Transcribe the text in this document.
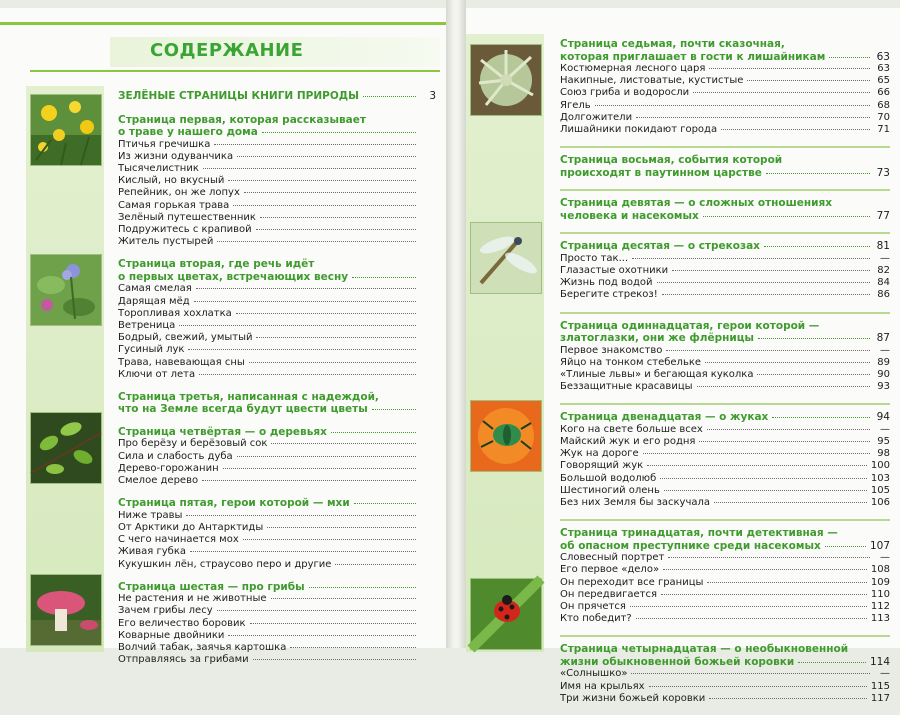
СОДЕРЖАНИЕ
ЗЕЛЁНЫЕ СТРАНИЦЫ КНИГИ ПРИРОДЫ	3
Страница первая, которая рассказывает
о траве у нашего дома
Птичья гречишка
Из жизни одуванчика
Тысячелистник
Кислый, но вкусный
Репейник, он же лопух
Самая горькая трава
Зелёный путешественник
Подружитесь с крапивой
Житель пустырей
Страница вторая, где речь идёт
о первых цветах, встречающих весну
Самая смелая
Дарящая мёд
Торопливая хохлатка
Ветреница
Бодрый, свежий, умытый
Гусиный лук
Трава, навевающая сны
Ключи от лета
Страница третья, написанная с надеждой,
что на Земле всегда будут цвести цветы
Страница четвёртая — о деревьях
Про берёзу и берёзовый сок
Сила и слабость дуба
Дерево-горожанин
Смелое дерево
Страница пятая, герои которой — мхи
Ниже травы
От Арктики до Антарктиды
С чего начинается мох
Живая губка
Кукушкин лён, страусово перо и другие
Страница шестая — про грибы
Не растения и не животные
Зачем грибы лесу
Его величество боровик
Коварные двойники
Волчий табак, заячья картошка
Отправляясь за грибами
Страница седьмая, почти сказочная,
которая приглашает в гости к лишайникам	63
Костюмерная лесного царя	63
Накипные, листоватые, кустистые	65
Союз гриба и водоросли	66
Ягель	68
Долгожители	70
Лишайники покидают города	71
Страница восьмая, события которой
происходят в паутинном царстве	73
Страница девятая — о сложных отношениях
человека и насекомых	77
Страница десятая — о стрекозах	81
Просто так...	—
Глазастые охотники	82
Жизнь под водой	84
Берегите стрекоз!	86
Страница одиннадцатая, герои которой —
златоглазки, они же флёрницы	87
Первое знакомство	—
Яйцо на тонком стебельке	89
«Тлиные львы» и бегающая куколка	90
Беззащитные красавицы	93
Страница двенадцатая — о жуках	94
Кого на свете больше всех	—
Майский жук и его родня	95
Жук на дороге	98
Говорящий жук	100
Большой водолюб	103
Шестиногий олень	105
Без них Земля бы заскучала	106
Страница тринадцатая, почти детективная —
об опасном преступнике среди насекомых	107
Словесный портрет	—
Его первое «дело»	108
Он переходит все границы	109
Он передвигается	110
Он прячется	112
Кто победит?	113
Страница четырнадцатая — о необыкновенной
жизни обыкновенной божьей коровки	114
«Солнышко»	—
Имя на крыльях	115
Три жизни божьей коровки	117
